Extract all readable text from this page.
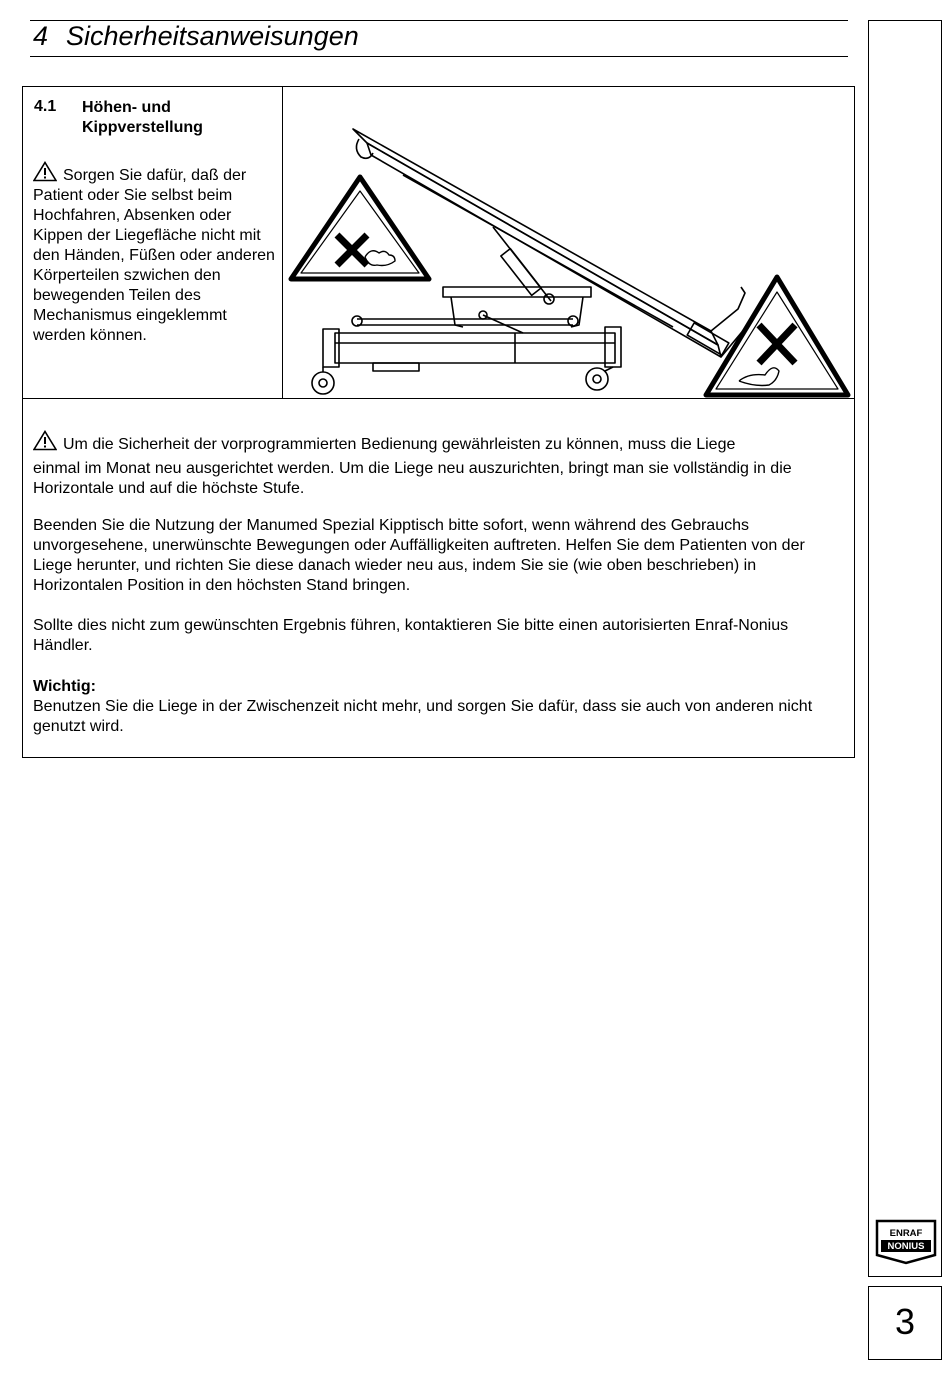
4 Sicherheitsanweisungen
4.1 Höhen- und Kippverstellung
Sorgen Sie dafür, daß der Patient oder Sie selbst beim Hochfahren, Absenken oder Kippen der Liegefläche nicht mit den Händen, Füßen oder anderen Körperteilen szwichen den bewegenden Teilen des Mechanismus eingeklemmt werden können.

Um die Sicherheit der vorprogrammierten Bedienung gewährleisten zu können, muss die Liege
einmal im Monat neu ausgerichtet werden. Um die Liege neu auszurichten, bringt man sie vollständig in die Horizontale und auf die höchste Stufe.

Beenden Sie die Nutzung der Manumed Spezial Kipptisch bitte sofort, wenn während des Gebrauchs unvorgesehene, unerwünschte Bewegungen oder Auffälligkeiten auftreten. Helfen Sie dem Patienten von der Liege herunter, und richten Sie diese danach wieder neu aus, indem Sie sie (wie oben beschrieben) in Horizontalen Position in den höchsten Stand bringen.

Sollte dies nicht zum gewünschten Ergebnis führen, kontaktieren Sie bitte einen autorisierten Enraf-Nonius Händler.

Wichtig:

Benutzen Sie die Liege in der Zwischenzeit nicht mehr, und sorgen Sie dafür, dass sie auch von anderen nicht genutzt wird.

ENRAF
NONIUS
3
